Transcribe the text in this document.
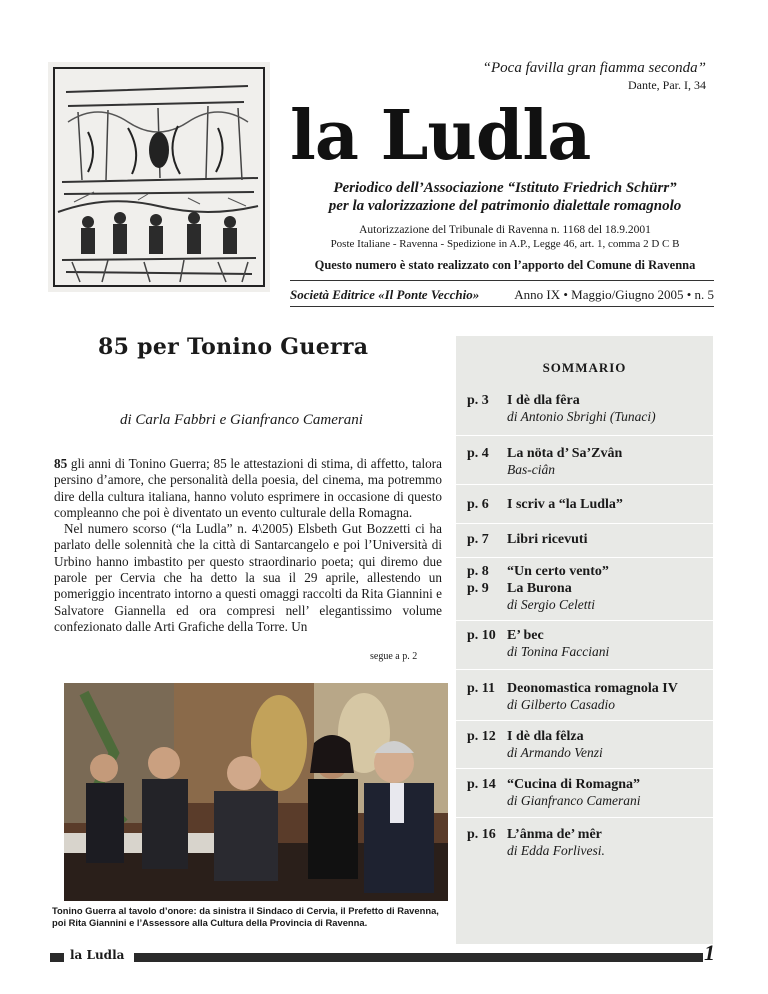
“Poca favilla gran fiamma seconda”
Dante, Par. I, 34
la Ludla
Periodico dell’Associazione “Istituto Friedrich Schürr”
per la valorizzazione del patrimonio dialettale romagnolo
Autorizzazione del Tribunale di Ravenna n. 1168 del 18.9.2001
Poste Italiane - Ravenna - Spedizione in A.P., Legge 46, art. 1, comma 2 D C B
Questo numero è stato realizzato con l’apporto del Comune di Ravenna
Società Editrice «Il Ponte Vecchio»	Anno IX • Maggio/Giugno 2005 • n. 5
85 per Tonino Guerra
di Carla Fabbri e Gianfranco Camerani

85 gli anni di Tonino Guerra; 85 le attestazioni di stima, di affetto, talora persino d’amore, che personalità della poesia, del cinema, ma potremmo dire della cultura italiana, hanno voluto esprimere in occasione di questo compleanno che poi è diventato un evento culturale della Romagna.

Nel numero scorso (“la Ludla” n. 4\2005) Elsbeth Gut Bozzetti ci ha parlato delle solennità che la città di Santarcangelo e poi l’Università di Urbino hanno imbastito per questo straordinario poeta; qui diremo due parole per Cervia che ha detto la sua il 29 aprile, allestendo un pomeriggio incentrato intorno a questi omaggi raccolti da Rita Giannini e Salvatore Giannella ed ora compresi nell’ elegantissimo volume confezionato dalle Arti Grafiche della Torre. Un

segue a p. 2
Tonino Guerra al tavolo d’onore: da sinistra il Sindaco di Cervia, il Prefetto di Ravenna, poi Rita Giannini e l’Assessore alla Cultura della Provincia di Ravenna.
SOMMARIO
p. 3	I dè dla fêra
di Antonio Sbrighi (Tunaci)
p. 4	La nöta d’ Sa’Zvân
Bas-ciân
p. 6	I scriv a “la Ludla”
p. 7	Libri ricevuti
p. 8	“Un certo vento”
p. 9	La Burona
di Sergio Celetti
p. 10 E’ bec
di Tonina Facciani
p. 11 Deonomastica romagnola IV
di Gilberto Casadio
p. 12 I dè dla fêlza
di Armando Venzi
p. 14 “Cucina di Romagna”
di Gianfranco Camerani
p. 16 L’ânma de’ mêr
di Edda Forlivesi.
la Ludla	1
